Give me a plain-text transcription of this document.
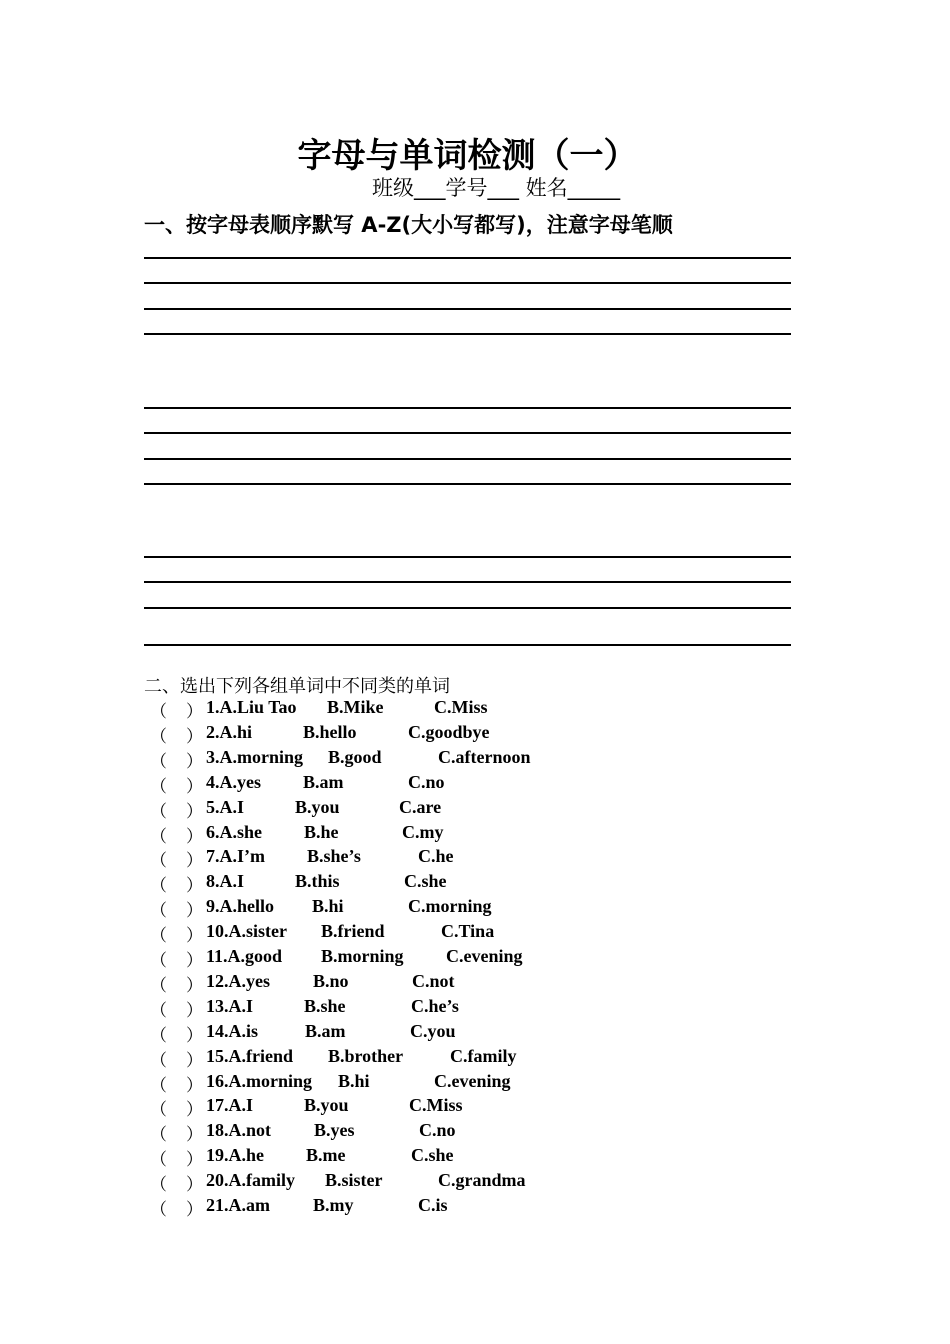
字母与单词检测（一）
班级___学号___ 姓名_____
一、按字母表顺序默写 A-Z(大小写都写)，注意字母笔顺
二、选出下列各组单词中不同类的单词
（ ） 1.A.Liu Tao B.Mike	C.Miss
（ ） 2.A.hi	B.hello	C.goodbye
（ ） 3.A.morning B.good	C.afternoon
（ ） 4.A.yes B.am	C.no
（ ） 5.A.I	B.you	C.are
（ ） 6.A.she B.he	C.my
（ ） 7.A.I’m B.she’s	C.he
（ ） 8.A.I	B.this	C.she
（ ） 9.A.hello B.hi	C.morning
（ ） 10.A.sister B.friend	C.Tina
（ ） 11.A.good B.morning C.evening
（ ） 12.A.yes B.no	C.not
（ ） 13.A.I	B.she	C.he’s
（ ） 14.A.is	B.am	C.you
（ ） 15.A.friend B.brother	C.family
（ ） 16.A.morning B.hi	C.evening
（ ） 17.A.I	B.you	C.Miss
（ ） 18.A.not B.yes	C.no
（ ） 19.A.he B.me	C.she
（ ） 20.A.family B.sister	C.grandma
（ ） 21.A.am B.my	C.is
